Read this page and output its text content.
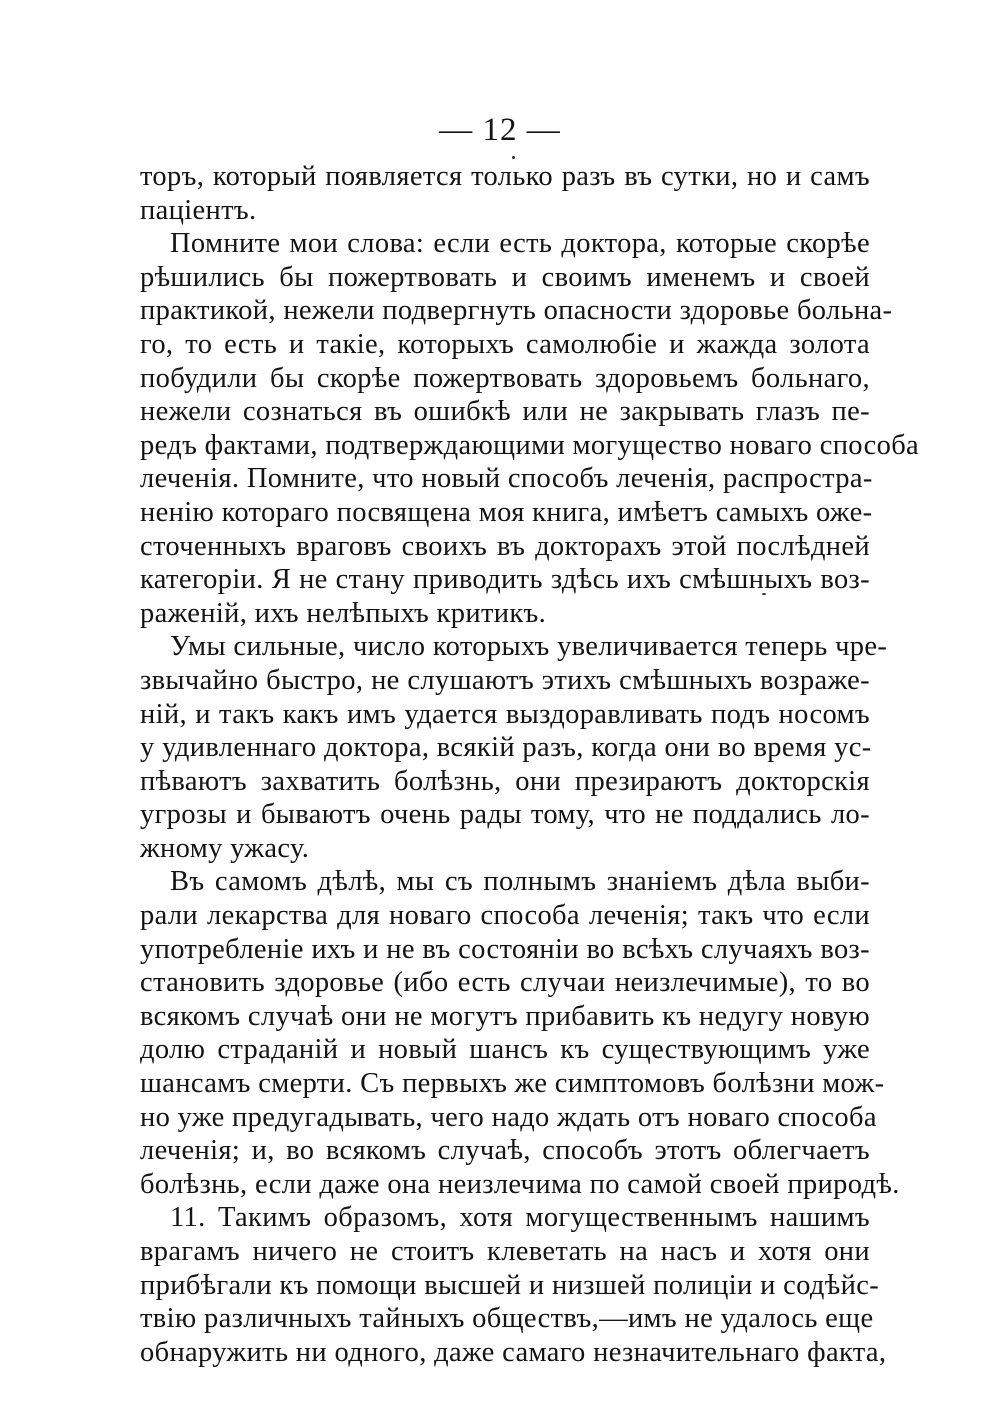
— 12 —
торъ, который появляется только разъ въ сутки, но и самъ
паціентъ.
Помните мои слова: если есть доктора, которые скорѣе
рѣшились бы пожертвовать и своимъ именемъ и своей
практикой, нежели подвергнуть опасности здоровье больна-
го, то есть и такіе, которыхъ самолюбіе и жажда золота
побудили бы скорѣе пожертвовать здоровьемъ больнаго,
нежели сознаться въ ошибкѣ или не закрывать глазъ пе-
редъ фактами, подтверждающими могущество новаго способа
леченія. Помните, что новый способъ леченія, распростра-
ненію котораго посвящена моя книга, имѣетъ самыхъ оже-
сточенныхъ враговъ своихъ въ докторахъ этой послѣдней
категоріи. Я не стану приводить здѣсь ихъ смѣшныхъ воз-
раженій, ихъ нелѣпыхъ критикъ.
Умы сильные, число которыхъ увеличивается теперь чре-
звычайно быстро, не слушаютъ этихъ смѣшныхъ возраже-
ній, и такъ какъ имъ удается выздоравливать подъ носомъ
у удивленнаго доктора, всякій разъ, когда они во время ус-
пѣваютъ захватить болѣзнь, они презираютъ докторскія
угрозы и бываютъ очень рады тому, что не поддались ло-
жному ужасу.
Въ самомъ дѣлѣ, мы съ полнымъ знаніемъ дѣла выби-
рали лекарства для новаго способа леченія; такъ что если
употребленіе ихъ и не въ состояніи во всѣхъ случаяхъ воз-
становить здоровье (ибо есть случаи неизлечимые), то во
всякомъ случаѣ они не могутъ прибавить къ недугу новую
долю страданій и новый шансъ къ существующимъ уже
шансамъ смерти. Съ первыхъ же симптомовъ болѣзни мож-
но уже предугадывать, чего надо ждать отъ новаго способа
леченія; и, во всякомъ случаѣ, способъ этотъ облегчаетъ
болѣзнь, если даже она неизлечима по самой своей природѣ.
11. Такимъ образомъ, хотя могущественнымъ нашимъ
врагамъ ничего не стоитъ клеветать на насъ и хотя они
прибѣгали къ помощи высшей и низшей полиціи и содѣйс-
твію различныхъ тайныхъ обществъ,—имъ не удалось еще
обнаружить ни одного, даже самаго незначительнаго факта,
